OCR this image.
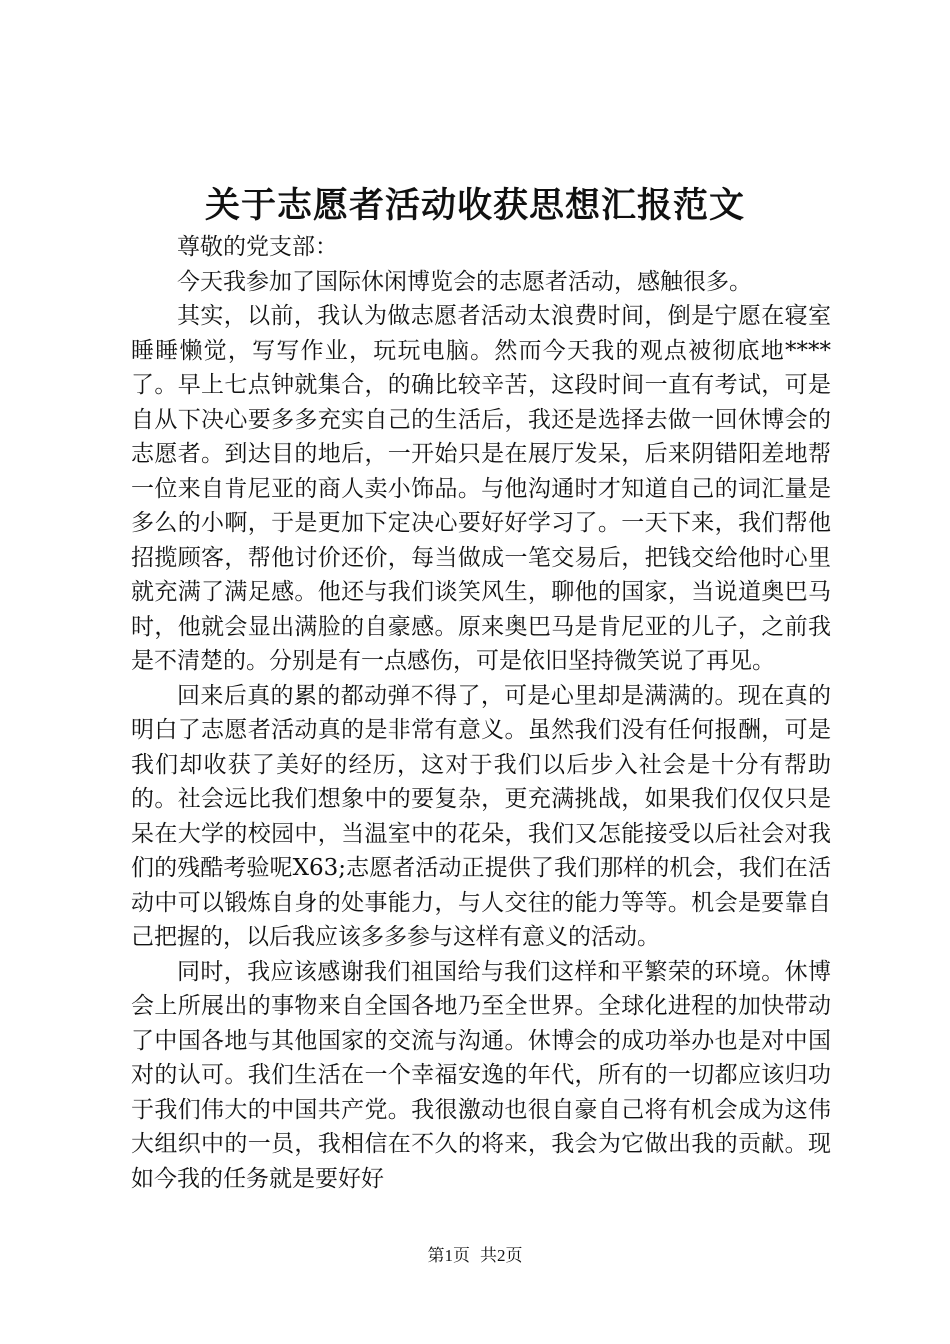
关于志愿者活动收获思想汇报范文

尊敬的党支部：

今天我参加了国际休闲博览会的志愿者活动，感触很多。

其实，以前，我认为做志愿者活动太浪费时间，倒是宁愿在寝室睡睡懒觉，写写作业，玩玩电脑。然而今天我的观点被彻底地****了。早上七点钟就集合，的确比较辛苦，这段时间一直有考试，可是自从下决心要多多充实自己的生活后，我还是选择去做一回休博会的志愿者。到达目的地后，一开始只是在展厅发呆，后来阴错阳差地帮一位来自肯尼亚的商人卖小饰品。与他沟通时才知道自己的词汇量是多么的小啊，于是更加下定决心要好好学习了。一天下来，我们帮他招揽顾客，帮他讨价还价，每当做成一笔交易后，把钱交给他时心里就充满了满足感。他还与我们谈笑风生，聊他的国家，当说道奥巴马时，他就会显出满脸的自豪感。原来奥巴马是肯尼亚的儿子，之前我是不清楚的。分别是有一点感伤，可是依旧坚持微笑说了再见。

回来后真的累的都动弹不得了，可是心里却是满满的。现在真的明白了志愿者活动真的是非常有意义。虽然我们没有任何报酬，可是我们却收获了美好的经历，这对于我们以后步入社会是十分有帮助的。社会远比我们想象中的要复杂，更充满挑战，如果我们仅仅只是呆在大学的校园中，当温室中的花朵，我们又怎能接受以后社会对我们的残酷考验呢X63;志愿者活动正提供了我们那样的机会，我们在活动中可以锻炼自身的处事能力，与人交往的能力等等。机会是要靠自己把握的，以后我应该多多参与这样有意义的活动。

同时，我应该感谢我们祖国给与我们这样和平繁荣的环境。休博会上所展出的事物来自全国各地乃至全世界。全球化进程的加快带动了中国各地与其他国家的交流与沟通。休博会的成功举办也是对中国对的认可。我们生活在一个幸福安逸的年代，所有的一切都应该归功于我们伟大的中国共产党。我很激动也很自豪自己将有机会成为这伟大组织中的一员，我相信在不久的将来，我会为它做出我的贡献。现如今我的任务就是要好好

第1页 共2页
